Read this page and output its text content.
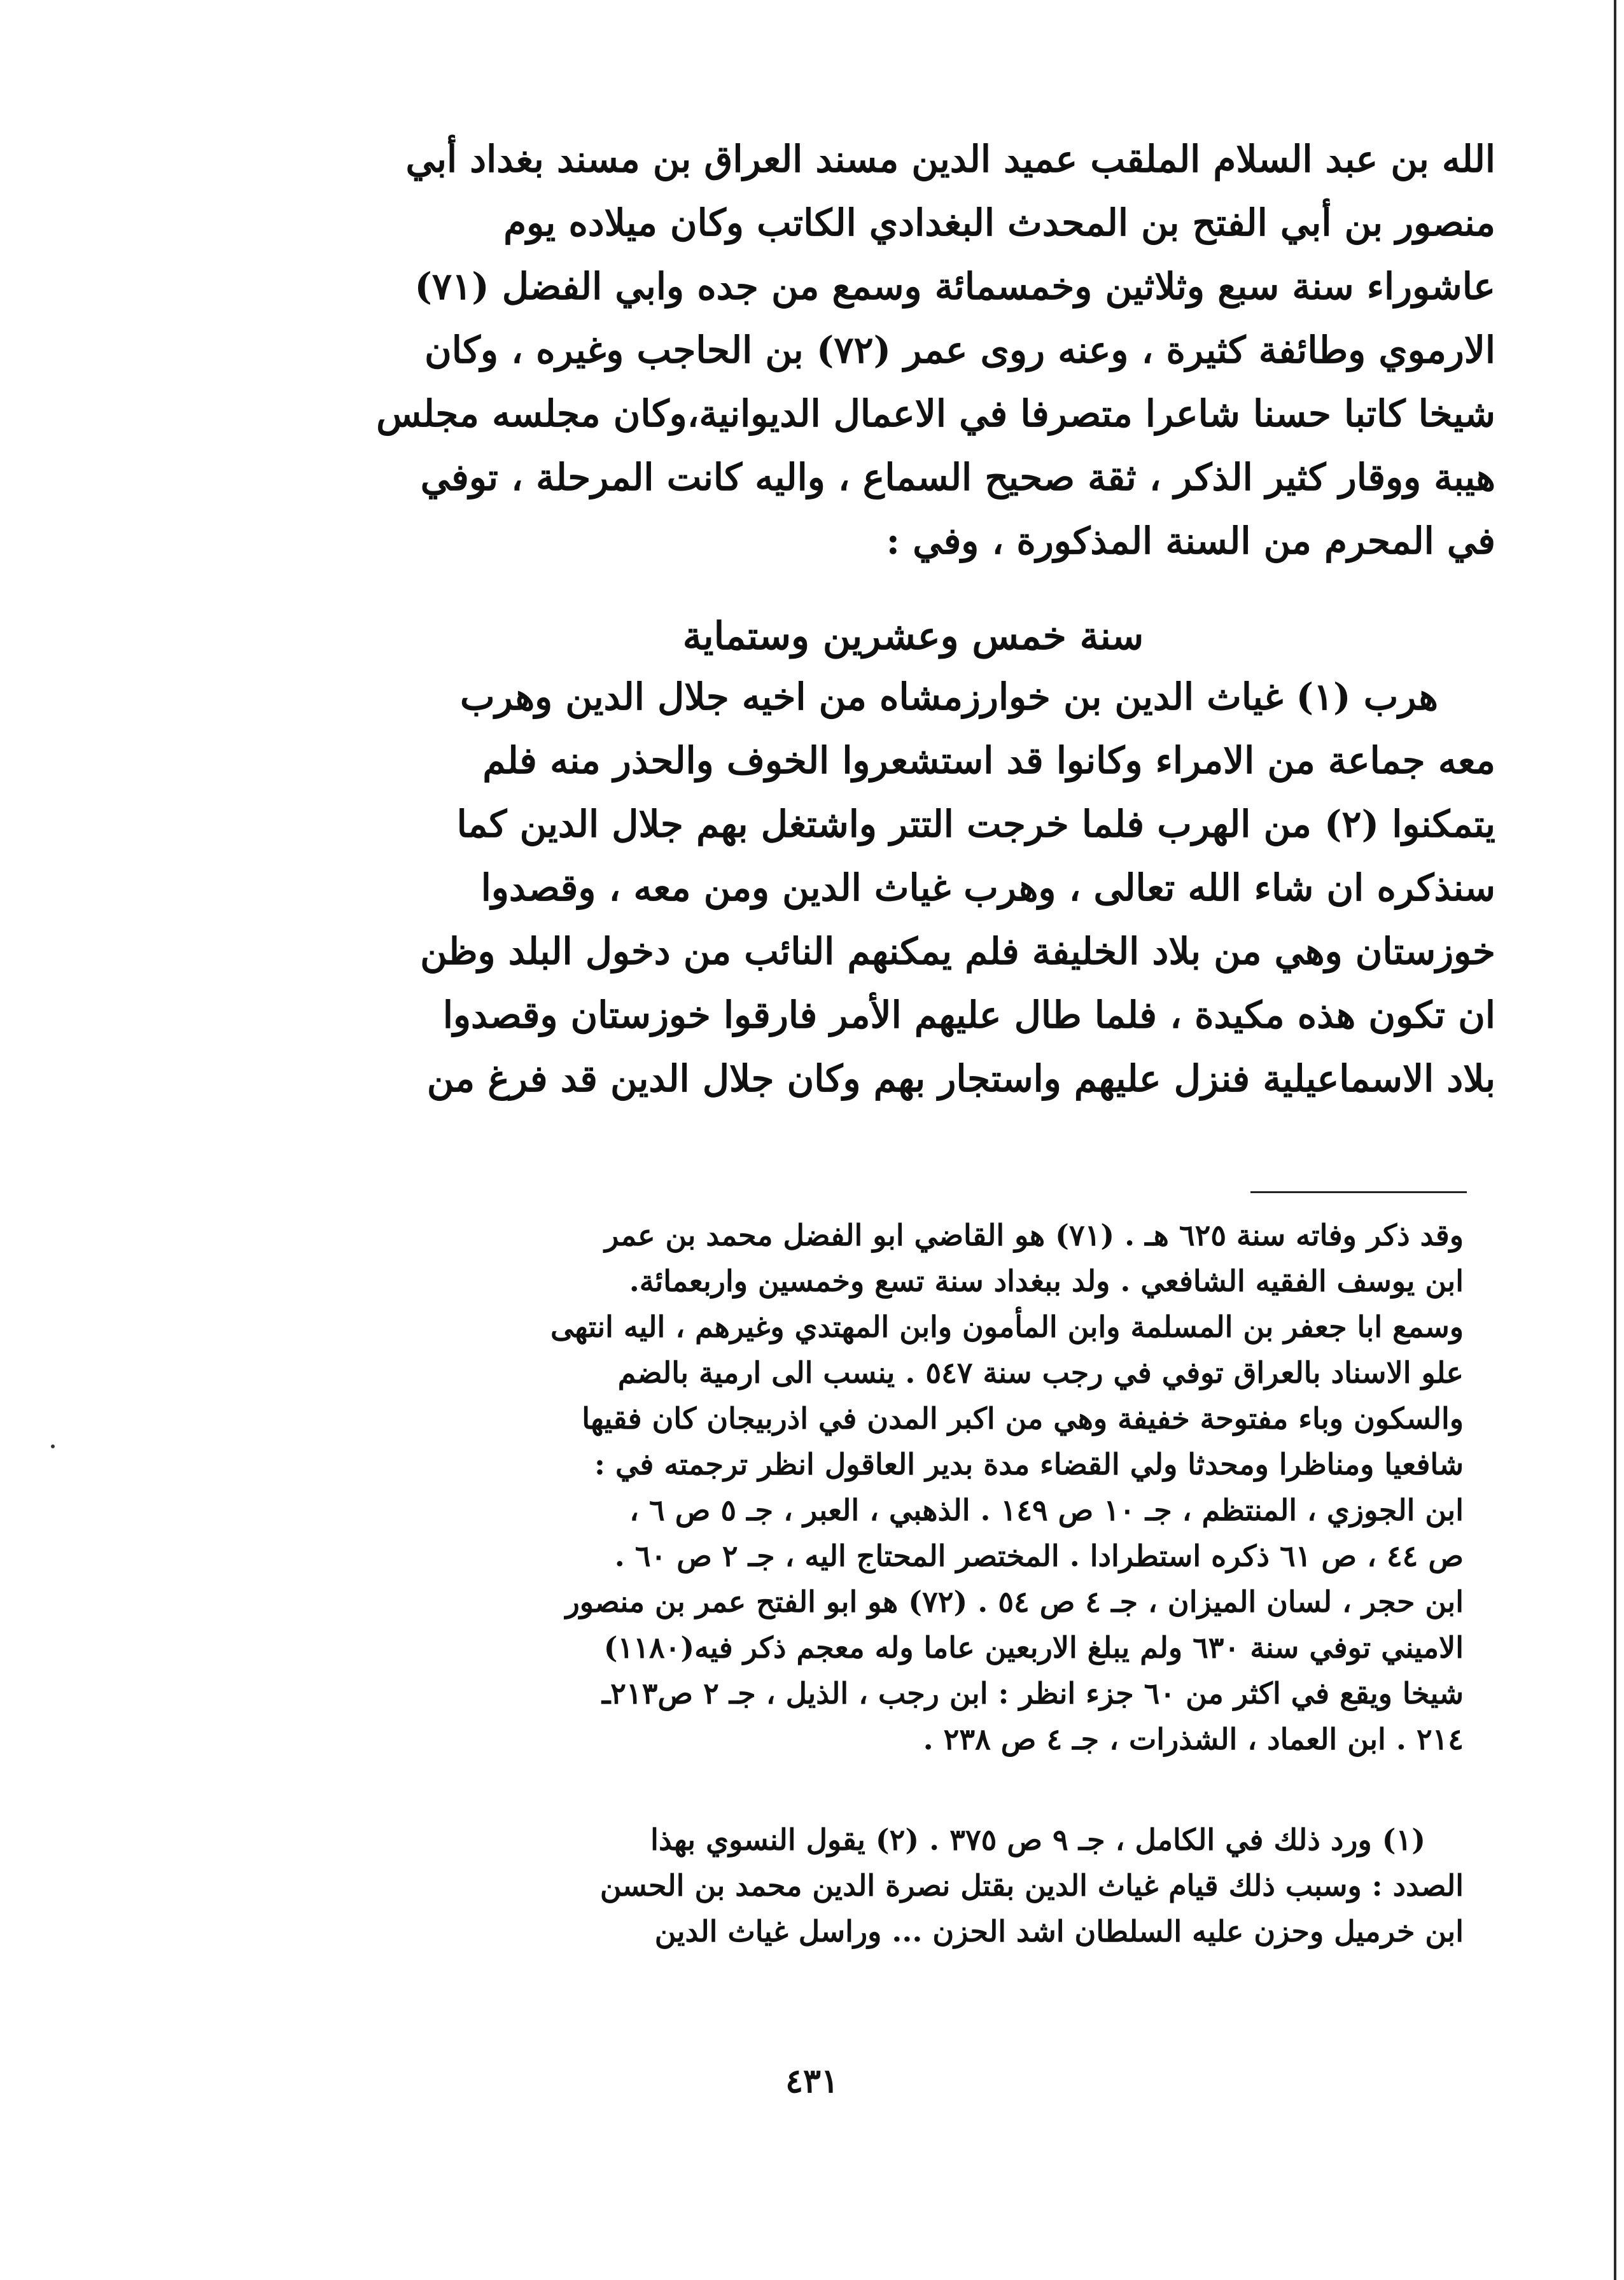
الله بن عبد السلام الملقب عميد الدين مسند العراق بن مسند بغداد أبي
منصور بن أبي الفتح بن المحدث البغدادي الكاتب وكان ميلاده يوم
عاشوراء سنة سبع وثلاثين وخمسمائة وسمع من جده وابي الفضل (٧١)
الارموي وطائفة كثيرة ، وعنه روى عمر (٧٢) بن الحاجب وغيره ، وكان
شيخا كاتبا حسنا شاعرا متصرفا في الاعمال الديوانية،وكان مجلسه مجلس
هيبة ووقار كثير الذكر ، ثقة صحيح السماع ، واليه كانت المرحلة ، توفي
في المحرم من السنة المذكورة ، وفي :
سنة خمس وعشرين وستماية
هرب (١) غياث الدين بن خوارزمشاه من اخيه جلال الدين وهرب
معه جماعة من الامراء وكانوا قد استشعروا الخوف والحذر منه فلم
يتمكنوا (٢) من الهرب فلما خرجت التتر واشتغل بهم جلال الدين كما
سنذكره ان شاء الله تعالى ، وهرب غياث الدين ومن معه ، وقصدوا
خوزستان وهي من بلاد الخليفة فلم يمكنهم النائب من دخول البلد وظن
ان تكون هذه مكيدة ، فلما طال عليهم الأمر فارقوا خوزستان وقصدوا
بلاد الاسماعيلية فنزل عليهم واستجار بهم وكان جلال الدين قد فرغ من
وقد ذكر وفاته سنة ٦٢٥ هـ . (٧١) هو القاضي ابو الفضل محمد بن عمر
ابن يوسف الفقيه الشافعي . ولد ببغداد سنة تسع وخمسين واربعمائة.
وسمع ابا جعفر بن المسلمة وابن المأمون وابن المهتدي وغيرهم ، اليه انتهى
علو الاسناد بالعراق توفي في رجب سنة ٥٤٧ . ينسب الى ارمية بالضم
والسكون وباء مفتوحة خفيفة وهي من اكبر المدن في اذربيجان كان فقيها
شافعيا ومناظرا ومحدثا ولي القضاء مدة بدير العاقول انظر ترجمته في :
ابن الجوزي ، المنتظم ، جـ ١٠ ص ١٤٩ . الذهبي ، العبر ، جـ ٥ ص ٦ ،
ص ٤٤ ، ص ٦١ ذكره استطرادا . المختصر المحتاج اليه ، جـ ٢ ص ٦٠ .
ابن حجر ، لسان الميزان ، جـ ٤ ص ٥٤ . (٧٢) هو ابو الفتح عمر بن منصور
الاميني توفي سنة ٦٣٠ ولم يبلغ الاربعين عاما وله معجم ذكر فيه(١١٨٠)
شيخا ويقع في اكثر من ٦٠ جزء انظر : ابن رجب ، الذيل ، جـ ٢ ص٢١٣ـ
٢١٤ . ابن العماد ، الشذرات ، جـ ٤ ص ٢٣٨ .
(١) ورد ذلك في الكامل ، جـ ٩ ص ٣٧٥ . (٢) يقول النسوي بهذا
الصدد : وسبب ذلك قيام غياث الدين بقتل نصرة الدين محمد بن الحسن
ابن خرميل وحزن عليه السلطان اشد الحزن ... وراسل غياث الدين
٤٣١
